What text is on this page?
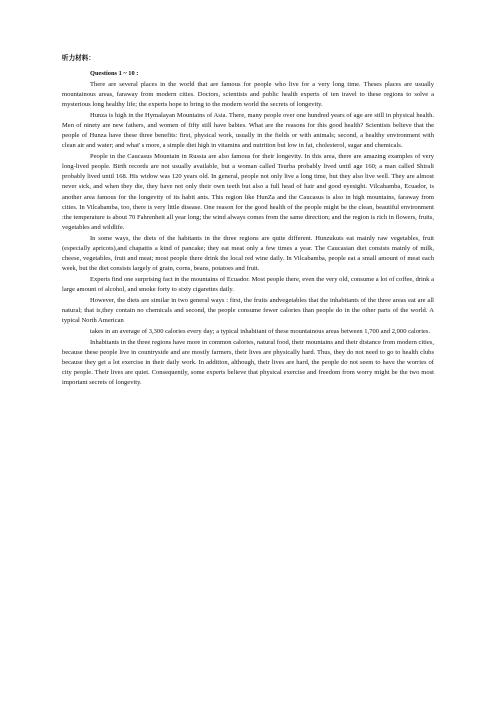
听力材料：
Questions 1 ~ 10 :

There are several places in the world that are famous for people who live for a very long time. Theses places are usually mountainous areas, faraway from modern cities. Doctors, scientists and public health experts of ten travel to these regions to solve a mysterious long healthy life; the experts hope to bring to the modern world the secrets of longevity.

Hunza is high in the Hymalayan Mountains of Asia. There, many people over one hundred years of age are still in physical health. Men of ninety are new fathers, and women of fifty still have babies. What are the reasons for this good health? Scientists believe that the people of Hunza have these three benefits: first, physical work, usually in the fields or with animals; second, a healthy environment with clean air and water; and what' s more, a simple diet high in vitamins and nutrition but low in fat, cholesterol, sugar and chemicals.

People in the Caucasus Mountain in Russia are also famous for their longevity. In this area, there are amazing examples of very long-lived people. Birth records are not usually available, but a woman called Tsurba probably lived until age 160; a man called Shirali probably lived until 168. His widow was 120 years old. In general, people not only live a long time, but they also live well. They are almost never sick, and when they die, they have not only their own teeth but also a full head of hair and good eyesight. Vilcabamba, Ecuador, is another area famous for the longevity of its habit ants. This region like HunZa and the Caucasus is also in high mountains, faraway from cities. In Vilcabamba, too, there is very little disease. One reason for the good health of the people might be the clean, beautiful environment :the temperature is about 70 Fahrenheit all year long; the wind always comes from the same direction; and the region is rich in flowers, fruits, vegetables and wildlife.

In some ways, the diets of the habitants in the three regions are quite different. Hunzukuts eat mainly raw vegetables, fruit (especially apricots),and chapattis a kind of pancake; they eat meat only a few times a year. The Caucasian diet consists mainly of milk, cheese, vegetables, fruit and meat; most people there drink the local red wine daily. In Vilcabamba, people eat a small amount of meat each week, but the diet consists largely of grain, corns, beans, potatoes and fruit.

Experts find one surprising fact in the mountains of Ecuador. Most people there, even the very old, consume a lot of coffee, drink a large amount of alcohol, and smoke forty to sixty cigarettes daily.

However, the diets are similar in two general ways : first, the fruits andvegetables that the inhabitants of the three areas eat are all natural; that is,they contain no chemicals and second, the people consume fewer calories than people do in the other parts of the world. A typical North American

takes in an average of 3,300 calories every day; a typical inhabitant of these mountainous areas between 1,700 and 2,000 calories.

Inhabitants in the three regions have more in common calories, natural food, their mountains and their distance from modern cities, because these people live in countryside and are mostly farmers, their lives are physically hard. Thus, they do not need to go to health clubs because they get a lot exercise in their daily work. In addition, although, their lives are hard, the people do not seem to have the worries of city people. Their lives are quiet. Consequently, some experts believe that physical exercise and freedom from worry might be the two most important secrets of longevity.
